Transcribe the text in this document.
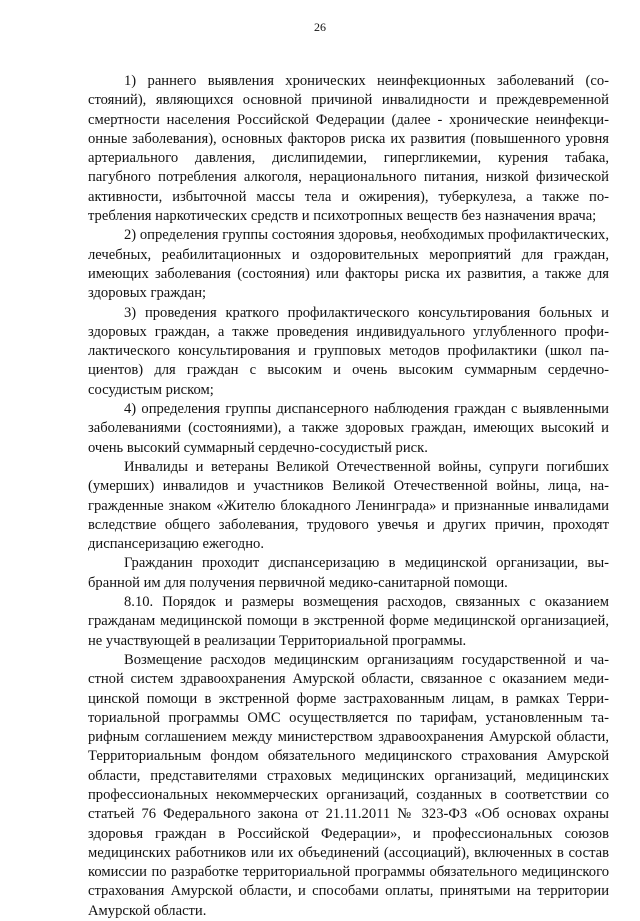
26

1) раннего выявления хронических неинфекционных заболеваний (состояний), являющихся основной причиной инвалидности и преждевременной смертности населения Российской Федерации (далее - хронические неинфекционные заболевания), основных факторов риска их развития (повышенного уровня артериального давления, дислипидемии, гипергликемии, курения табака, пагубного потребления алкоголя, нерационального питания, низкой физической активности, избыточной массы тела и ожирения), туберкулеза, а также потребления наркотических средств и психотропных веществ без назначения врача;

2) определения группы состояния здоровья, необходимых профилактических, лечебных, реабилитационных и оздоровительных мероприятий для граждан, имеющих заболевания (состояния) или факторы риска их развития, а также для здоровых граждан;

3) проведения краткого профилактического консультирования больных и здоровых граждан, а также проведения индивидуального углубленного профилактического консультирования и групповых методов профилактики (школ пациентов) для граждан с высоким и очень высоким суммарным сердечнососудистым риском;

4) определения группы диспансерного наблюдения граждан с выявленными заболеваниями (состояниями), а также здоровых граждан, имеющих высокий и очень высокий суммарный сердечно-сосудистый риск.

Инвалиды и ветераны Великой Отечественной войны, супруги погибших (умерших) инвалидов и участников Великой Отечественной войны, лица, награжденные знаком «Жителю блокадного Ленинграда» и признанные инвалидами вследствие общего заболевания, трудового увечья и других причин, проходят диспансеризацию ежегодно.

Гражданин проходит диспансеризацию в медицинской организации, выбранной им для получения первичной медико-санитарной помощи.

8.10. Порядок и размеры возмещения расходов, связанных с оказанием гражданам медицинской помощи в экстренной форме медицинской организацией, не участвующей в реализации Территориальной программы.

Возмещение расходов медицинским организациям государственной и частной систем здравоохранения Амурской области, связанное с оказанием медицинской помощи в экстренной форме застрахованным лицам, в рамках Территориальной программы ОМС осуществляется по тарифам, установленным тарифным соглашением между министерством здравоохранения Амурской области, Территориальным фондом обязательного медицинского страхования Амурской области, представителями страховых медицинских организаций, медицинских профессиональных некоммерческих организаций, созданных в соответствии со статьей 76 Федерального закона от 21.11.2011 № 323-ФЗ «Об основах охраны здоровья граждан в Российской Федерации», и профессиональных союзов медицинских работников или их объединений (ассоциаций), включенных в состав комиссии по разработке территориальной программы обязательного медицинского страхования Амурской области, и способами оплаты, принятыми на территории Амурской области.
